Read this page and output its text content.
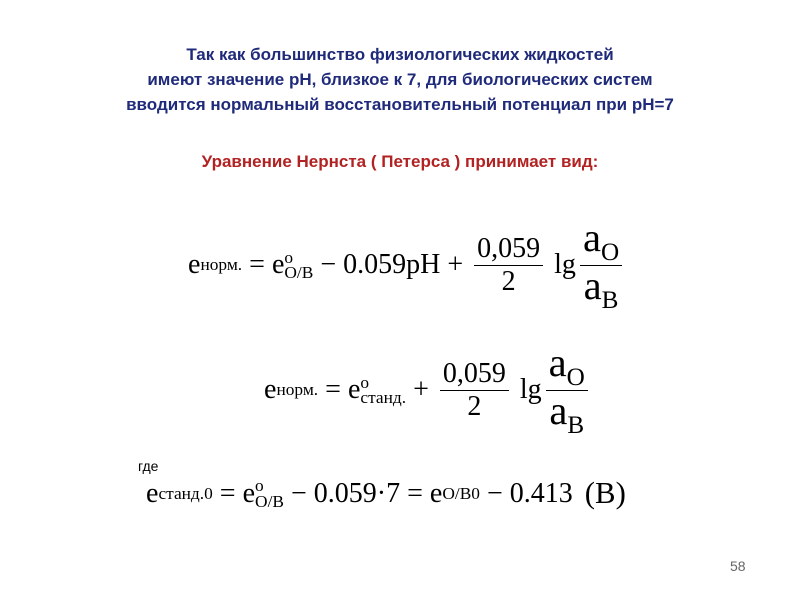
Так как большинство физиологических жидкостей
имеют значение рН, близкое к 7, для биологических систем
вводится нормальный восстановительный потенциал при рН=7
Уравнение Нернста ( Петерса ) принимает вид:
e норм. = e o
$O/В - 0.059pH + \frac{0,059}{2}$ $\lg \frac{a_O}{a_В}$
e норм. = e o
станд. + $\frac{0,059}{2}$ $\lg \frac{a_O}{a_В}$
где
e станд. 0 = e o
O/В − 0.059·7 = e O/В 0 − 0.413 (В)
58
